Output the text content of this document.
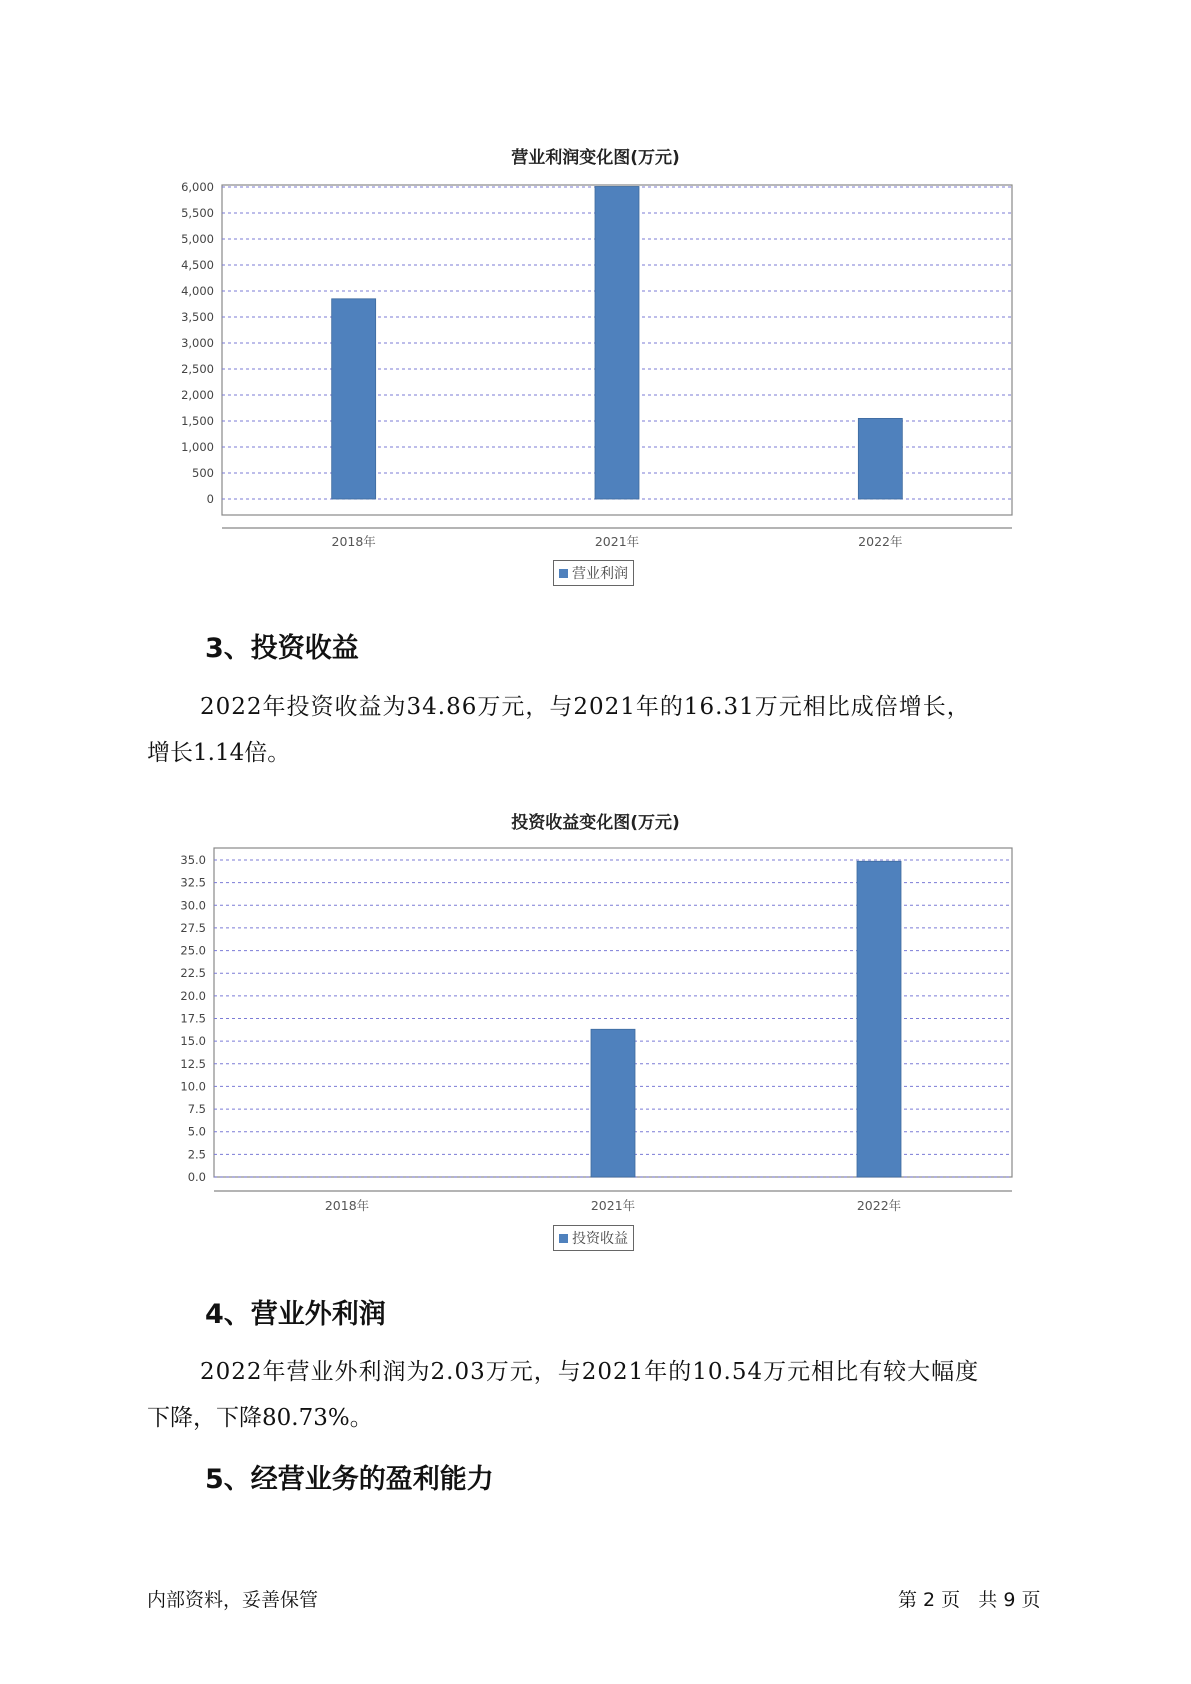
营业利润变化图(万元)
0
500
1,000
1,500
2,000
2,500
3,000
3,500
4,000
4,500
5,000
5,500
6,000
2018年	2021年	2022年
营业利润
3、投资收益
2022年投资收益为34.86万元，与2021年的16.31万元相比成倍增长，
增长1.14倍。
投资收益变化图(万元)
0.0
2.5
5.0
7.5
10.0
12.5
15.0
17.5
20.0
22.5
25.0
27.5
30.0
32.5
35.0
2018年	2021年	2022年
投资收益
4、营业外利润
2022年营业外利润为2.03万元，与2021年的10.54万元相比有较大幅度
下降，下降80.73%。
5、经营业务的盈利能力
内部资料，妥善保管	第 2 页   共 9 页
